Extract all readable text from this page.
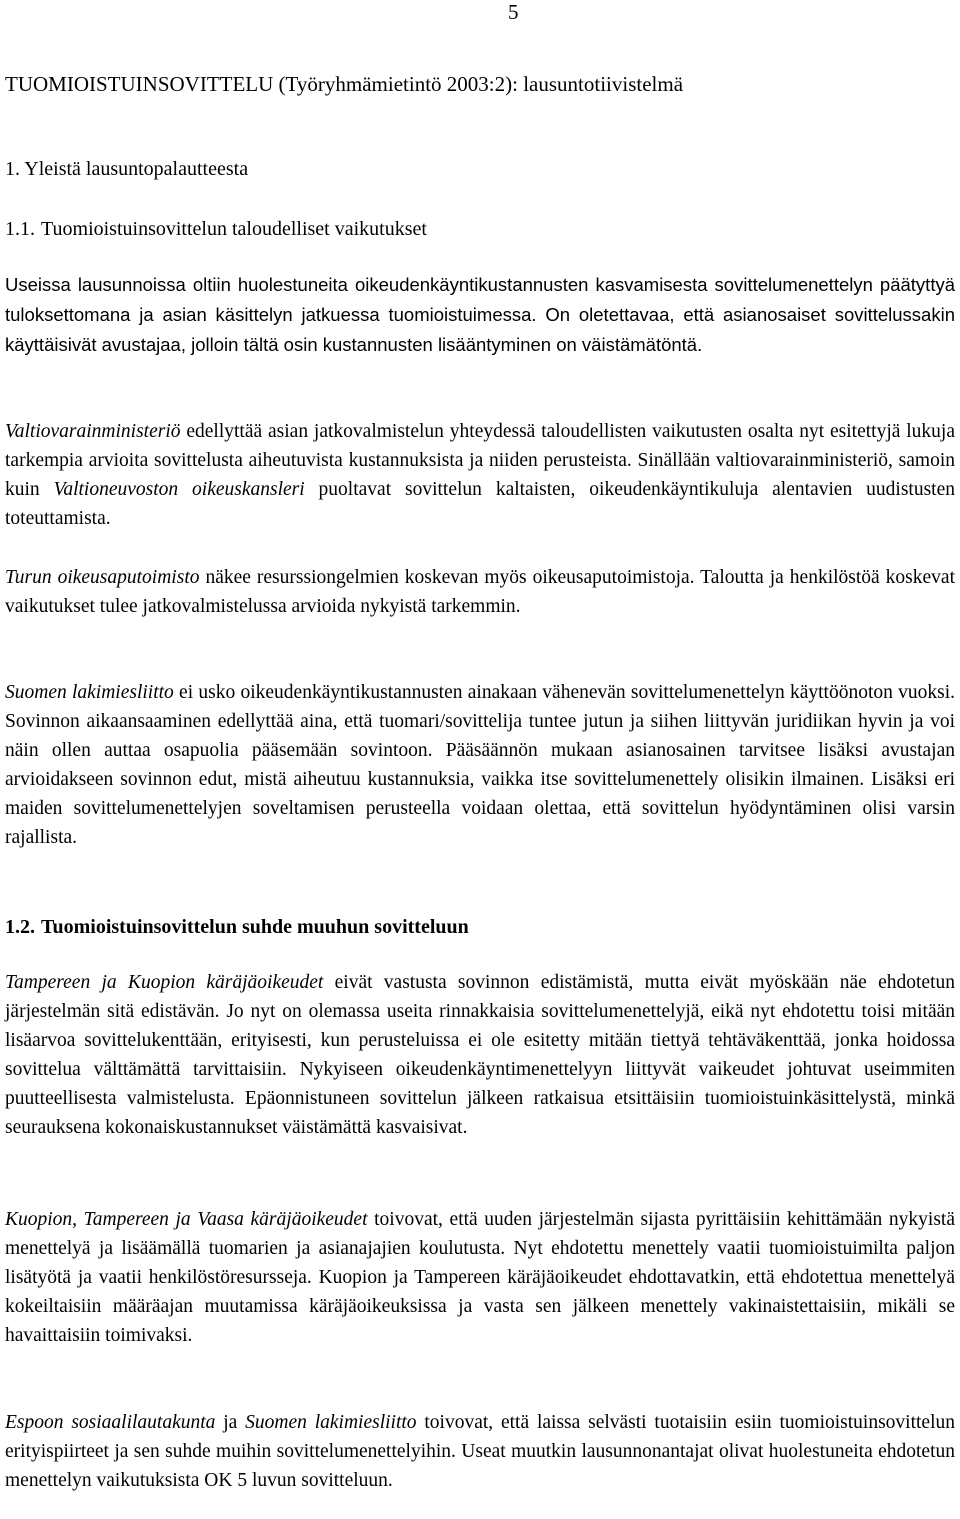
5
TUOMIOISTUINSOVITTELU (Työryhmämietintö 2003:2): lausuntotiivistelmä
1. Yleistä lausuntopalautteesta
1.1. Tuomioistuinsovittelun taloudelliset vaikutukset

Useissa lausunnoissa oltiin huolestuneita oikeudenkäyntikustannusten kasvamisesta sovittelumenettelyn päätyttyä tuloksettomana ja asian käsittelyn jatkuessa tuomioistuimessa. On oletettavaa, että asianosaiset sovittelussakin käyttäisivät avustajaa, jolloin tältä osin kustannusten lisääntyminen on väistämätöntä.

Valtiovarainministeriö edellyttää asian jatkovalmistelun yhteydessä taloudellisten vaikutusten osalta nyt esitettyjä lukuja tarkempia arvioita sovittelusta aiheutuvista kustannuksista ja niiden perusteista. Sinällään valtiovarainministeriö, samoin kuin Valtioneuvoston oikeuskansleri puoltavat sovittelun kaltaisten, oikeudenkäyntikuluja alentavien uudistusten toteuttamista.

Turun oikeusaputoimisto näkee resurssiongelmien koskevan myös oikeusaputoimistoja. Taloutta ja henkilöstöä koskevat vaikutukset tulee jatkovalmistelussa arvioida nykyistä tarkemmin.

Suomen lakimiesliitto ei usko oikeudenkäyntikustannusten ainakaan vähenevän sovittelumenettelyn käyttöönoton vuoksi. Sovinnon aikaansaaminen edellyttää aina, että tuomari/sovittelija tuntee jutun ja siihen liittyvän juridiikan hyvin ja voi näin ollen auttaa osapuolia pääsemään sovintoon. Pääsäännön mukaan asianosainen tarvitsee lisäksi avustajan arvioidakseen sovinnon edut, mistä aiheutuu kustannuksia, vaikka itse sovittelumenettely olisikin ilmainen. Lisäksi eri maiden sovittelumenettelyjen soveltamisen perusteella voidaan olettaa, että sovittelun hyödyntäminen olisi varsin rajallista.

1.2. Tuomioistuinsovittelun suhde muuhun sovitteluun

Tampereen ja Kuopion käräjäoikeudet eivät vastusta sovinnon edistämistä, mutta eivät myöskään näe ehdotetun järjestelmän sitä edistävän. Jo nyt on olemassa useita rinnakkaisia sovittelumenettelyjä, eikä nyt ehdotettu toisi mitään lisäarvoa sovittelukenttään, erityisesti, kun perusteluissa ei ole esitetty mitään tiettyä tehtäväkenttää, jonka hoidossa sovittelua välttämättä tarvittaisiin. Nykyiseen oikeudenkäyntimenettelyyn liittyvät vaikeudet johtuvat useimmiten puutteellisesta valmistelusta. Epäonnistuneen sovittelun jälkeen ratkaisua etsittäisiin tuomioistuinkäsittelystä, minkä seurauksena kokonaiskustannukset väistämättä kasvaisivat.

Kuopion, Tampereen ja Vaasa käräjäoikeudet toivovat, että uuden järjestelmän sijasta pyrittäisiin kehittämään nykyistä menettelyä ja lisäämällä tuomarien ja asianajajien koulutusta. Nyt ehdotettu menettely vaatii tuomioistuimilta paljon lisätyötä ja vaatii henkilöstöresursseja. Kuopion ja Tampereen käräjäoikeudet ehdottavatkin, että ehdotettua menettelyä kokeiltaisiin määräajan muutamissa käräjäoikeuksissa ja vasta sen jälkeen menettely vakinaistettaisiin, mikäli se havaittaisiin toimivaksi.

Espoon sosiaalilautakunta ja Suomen lakimiesliitto toivovat, että laissa selvästi tuotaisiin esiin tuomioistuinsovittelun erityispiirteet ja sen suhde muihin sovittelumenettelyihin. Useat muutkin lausunnonantajat olivat huolestuneita ehdotetun menettelyn vaikutuksista OK 5 luvun sovitteluun.
